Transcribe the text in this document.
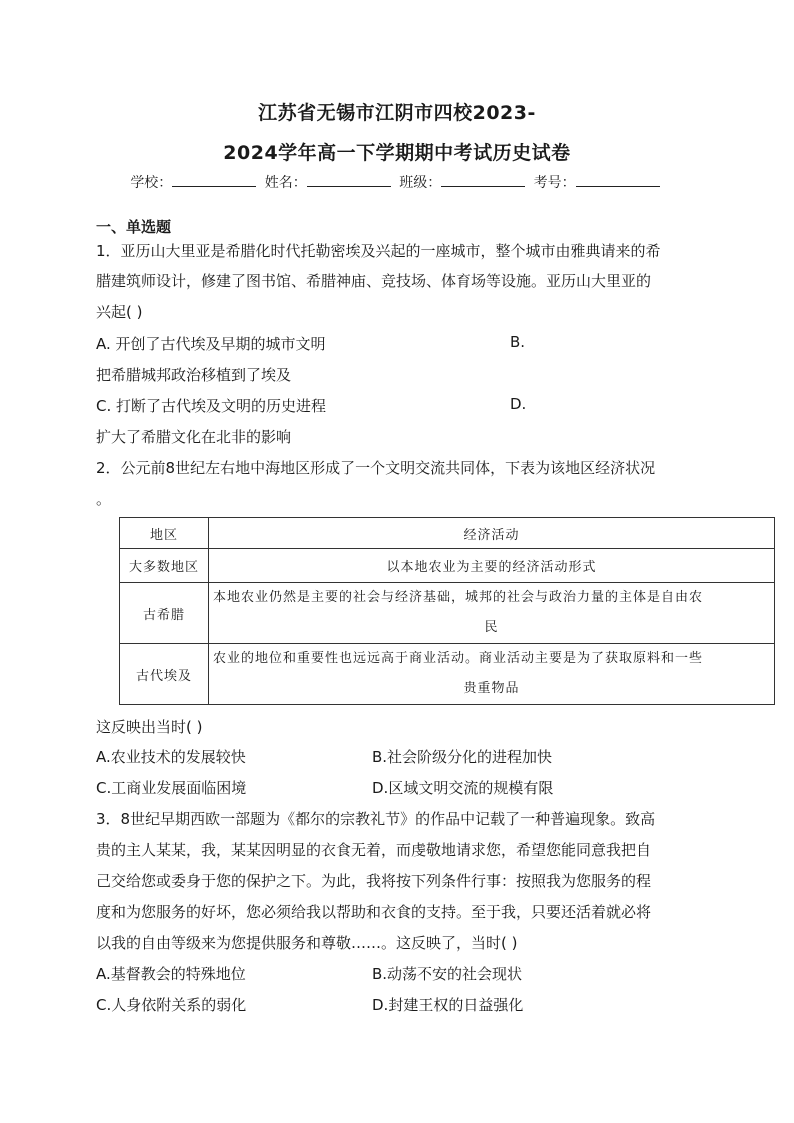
江苏省无锡市江阴市四校2023-
2024学年高一下学期期中考试历史试卷
学校：	姓名：	班级：	考号：
一、单选题
1．亚历山大里亚是希腊化时代托勒密埃及兴起的一座城市，整个城市由雅典请来的希
腊建筑师设计，修建了图书馆、希腊神庙、竞技场、体育场等设施。亚历山大里亚的
兴起( )
A. 开创了古代埃及早期的城市文明	B.
把希腊城邦政治移植到了埃及
C. 打断了古代埃及文明的历史进程	D.
扩大了希腊文化在北非的影响
2．公元前8世纪左右地中海地区形成了一个文明交流共同体，下表为该地区经济状况
。
地区	经济活动
大多数地区	以本地农业为主要的经济活动形式
古希腊	本地农业仍然是主要的社会与经济基础，城邦的社会与政治力量的主体是自由农
民

古代埃及	农业的地位和重要性也远远高于商业活动。商业活动主要是为了获取原料和一些
贵重物品
这反映出当时( )
A.农业技术的发展较快	B.社会阶级分化的进程加快
C.工商业发展面临困境	D.区域文明交流的规模有限
3．8世纪早期西欧一部题为《都尔的宗教礼节》的作品中记载了一种普遍现象。致高
贵的主人某某，我，某某因明显的衣食无着，而虔敬地请求您，希望您能同意我把自
己交给您或委身于您的保护之下。为此，我将按下列条件行事：按照我为您服务的程
度和为您服务的好坏，您必须给我以帮助和衣食的支持。至于我，只要还活着就必将
以我的自由等级来为您提供服务和尊敬……。这反映了，当时( )
A.基督教会的特殊地位	B.动荡不安的社会现状
C.人身依附关系的弱化	D.封建王权的日益强化
